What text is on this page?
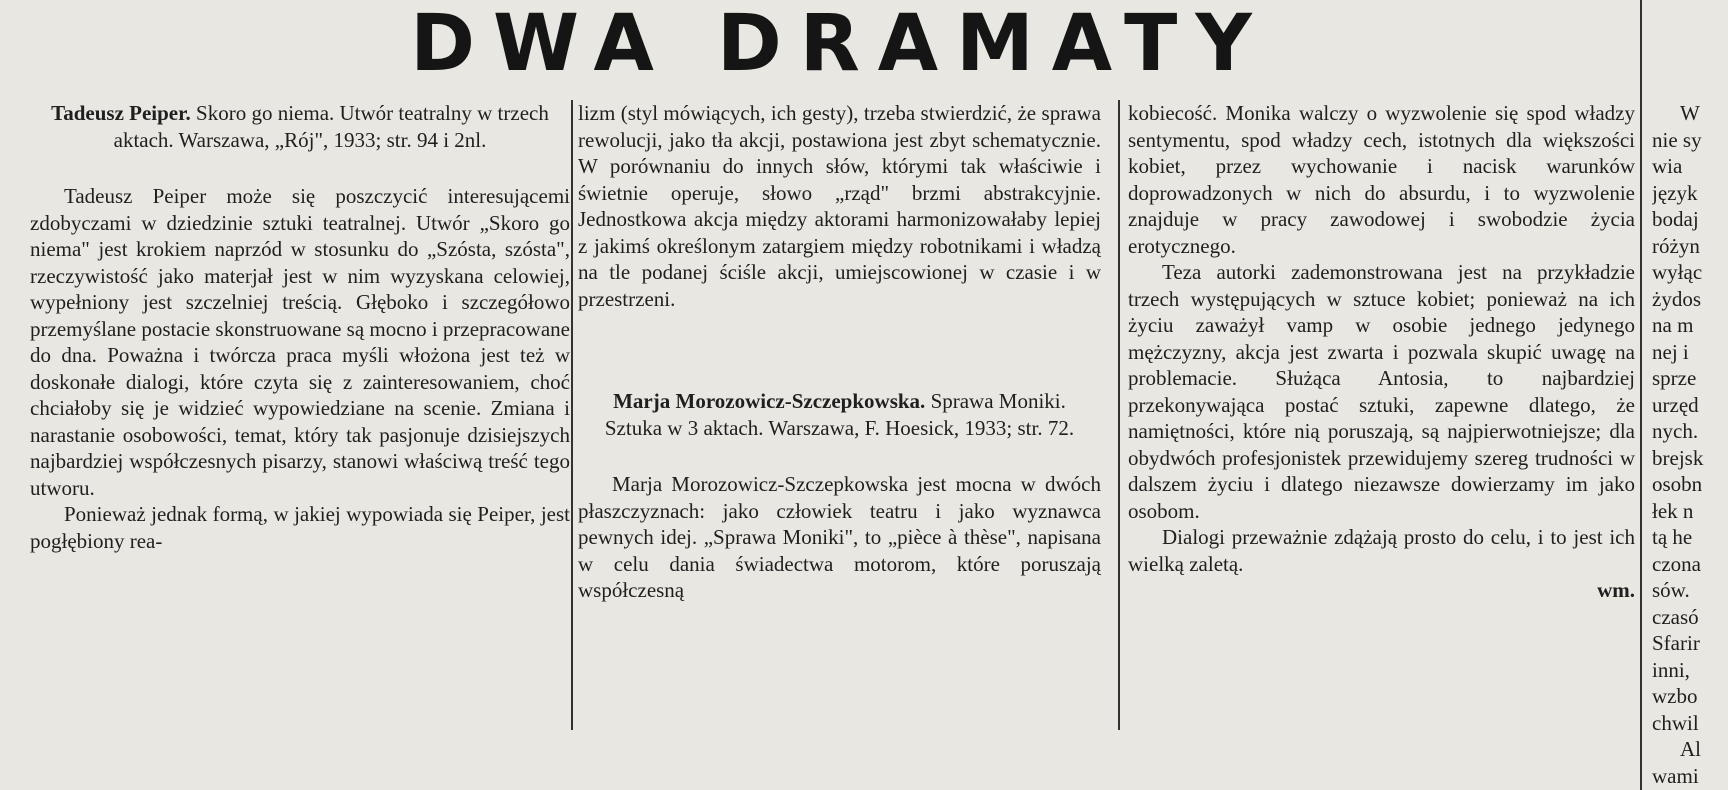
DWA DRAMATY

Tadeusz Peiper. Skoro go niema. Utwór teatralny w trzech aktach. Warszawa, „Rój", 1933; str. 94 i 2nl.

Tadeusz Peiper może się poszczycić interesującemi zdobyczami w dziedzinie sztuki teatralnej. Utwór „Skoro go niema" jest krokiem naprzód w stosunku do „Szósta, szósta", rzeczywistość jako materjał jest w nim wyzyskana celowiej, wypełniony jest szczelniej treścią. Głęboko i szczegółowo przemyślane postacie skonstruowane są mocno i przepracowane do dna. Poważna i twórcza praca myśli włożona jest też w doskonałe dialogi, które czyta się z zainteresowaniem, choć chciałoby się je widzieć wypowiedziane na scenie. Zmiana i narastanie osobowości, temat, który tak pasjonuje dzisiejszych najbardziej współczesnych pisarzy, stanowi właściwą treść tego utworu.

Ponieważ jednak formą, w jakiej wypowiada się Peiper, jest pogłębiony rea-

lizm (styl mówiących, ich gesty), trzeba stwierdzić, że sprawa rewolucji, jako tła akcji, postawiona jest zbyt schematycznie. W porównaniu do innych słów, którymi tak właściwie i świetnie operuje, słowo „rząd" brzmi abstrakcyjnie. Jednostkowa akcja między aktorami harmonizowałaby lepiej z jakimś określonym zatargiem między robotnikami i władzą na tle podanej ściśle akcji, umiejscowionej w czasie i w przestrzeni.

Marja Morozowicz-Szczepkowska. Sprawa Moniki. Sztuka w 3 aktach. Warszawa, F. Hoesick, 1933; str. 72.

Marja Morozowicz-Szczepkowska jest mocna w dwóch płaszczyznach: jako człowiek teatru i jako wyznawca pewnych idej. „Sprawa Moniki", to „pièce à thèse", napisana w celu dania świadectwa motorom, które poruszają współczesną

kobiecość. Monika walczy o wyzwolenie się spod władzy sentymentu, spod władzy cech, istotnych dla większości kobiet, przez wychowanie i nacisk warunków doprowadzonych w nich do absurdu, i to wyzwolenie znajduje w pracy zawodowej i swobodzie życia erotycznego.

Teza autorki zademonstrowana jest na przykładzie trzech występujących w sztuce kobiet; ponieważ na ich życiu zaważył vamp w osobie jednego jedynego mężczyzny, akcja jest zwarta i pozwala skupić uwagę na problemacie. Służąca Antosia, to najbardziej przekonywająca postać sztuki, zapewne dlatego, że namiętności, które nią poruszają, są najpierwotniejsze; dla obydwóch profesjonistek przewidujemy szereg trudności w dalszem życiu i dlatego niezawsze dowierzamy im jako osobom.

Dialogi przeważnie zdążają prosto do celu, i to jest ich wielką zaletą.

wm.

W
nie sy
wia
język
bodaj
różyn
wyłąc
żydos
na m
nej i
sprze
urzęd
nych.
brejsk
osobn
łek n
tą he
czona
sów.
czasó
Sfarir
inni,
wzbo
chwil
Al
wami
